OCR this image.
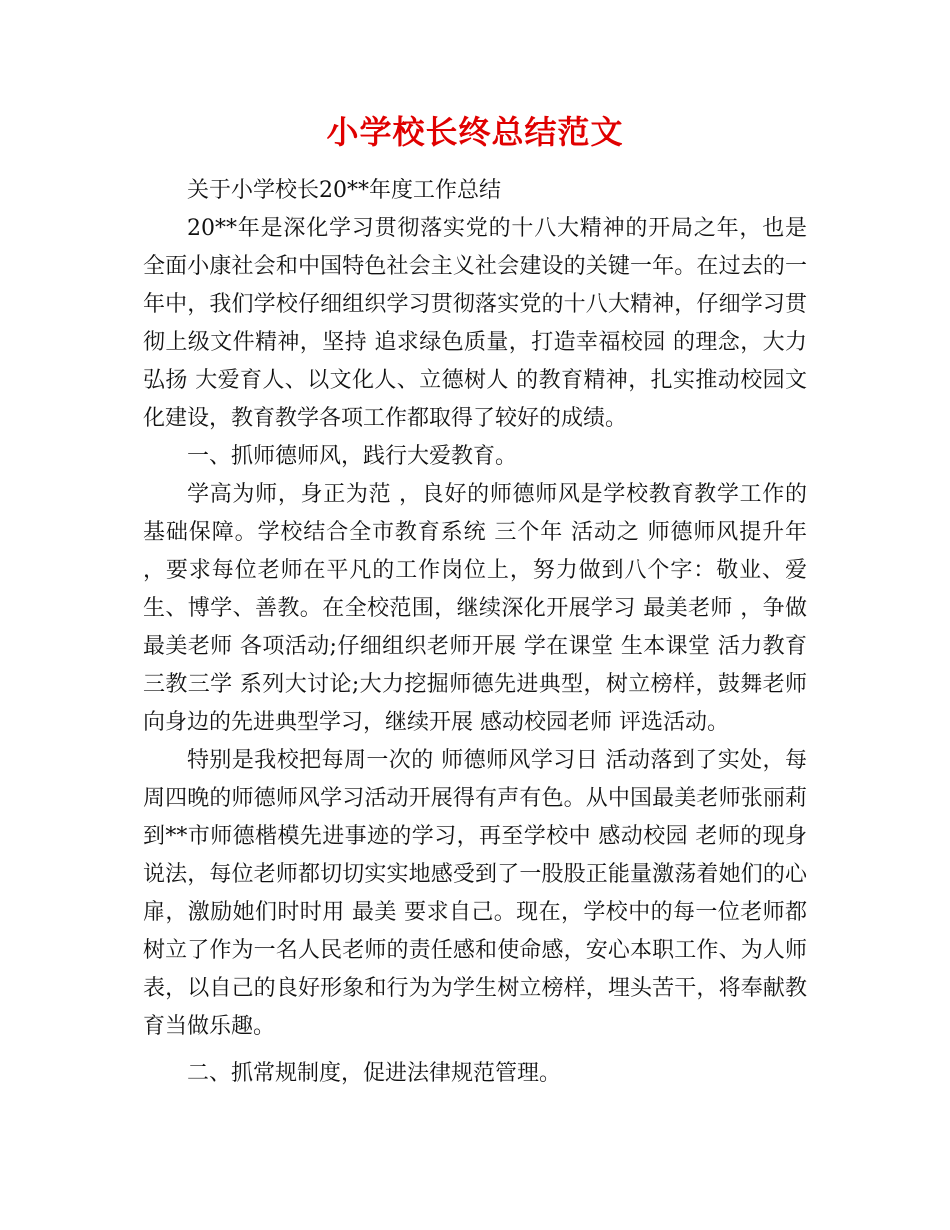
小学校长终总结范文

关于小学校长20**年度工作总结

20**年是深化学习贯彻落实党的十八大精神的开局之年，也是全面小康社会和中国特色社会主义社会建设的关键一年。在过去的一年中，我们学校仔细组织学习贯彻落实党的十八大精神，仔细学习贯彻上级文件精神，坚持 追求绿色质量，打造幸福校园 的理念，大力弘扬 大爱育人、以文化人、立德树人 的教育精神，扎实推动校园文化建设，教育教学各项工作都取得了较好的成绩。

一、抓师德师风，践行大爱教育。

学高为师，身正为范 ，良好的师德师风是学校教育教学工作的基础保障。学校结合全市教育系统 三个年 活动之 师德师风提升年 ，要求每位老师在平凡的工作岗位上，努力做到八个字：敬业、爱生、博学、善教。在全校范围，继续深化开展学习 最美老师 ，争做 最美老师 各项活动;仔细组织老师开展 学在课堂 生本课堂 活力教育 三教三学 系列大讨论;大力挖掘师德先进典型，树立榜样，鼓舞老师向身边的先进典型学习，继续开展 感动校园老师 评选活动。

特别是我校把每周一次的 师德师风学习日 活动落到了实处，每周四晚的师德师风学习活动开展得有声有色。从中国最美老师张丽莉到**市师德楷模先进事迹的学习，再至学校中 感动校园 老师的现身说法，每位老师都切切实实地感受到了一股股正能量激荡着她们的心扉，激励她们时时用 最美 要求自己。现在，学校中的每一位老师都树立了作为一名人民老师的责任感和使命感，安心本职工作、为人师表，以自己的良好形象和行为为学生树立榜样，埋头苦干，将奉献教育当做乐趣。

二、抓常规制度，促进法律规范管理。
